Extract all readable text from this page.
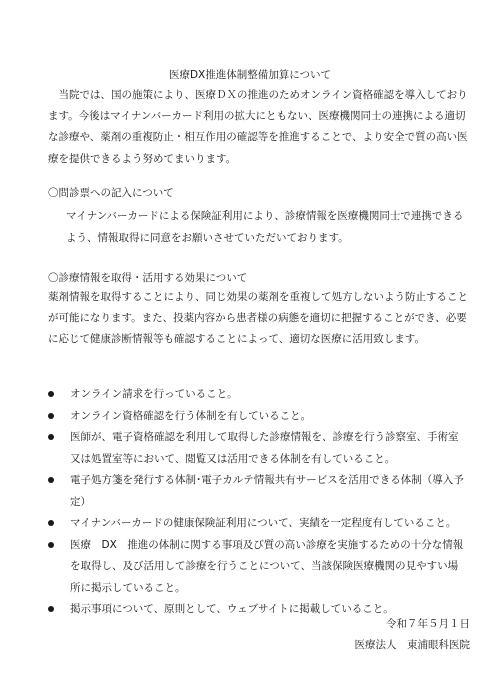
医療DX推進体制整備加算について

　当院では、国の施策により、医療ＤＸの推進のためオンライン資格確認を導入しております。今後はマイナンバーカード利用の拡大にともない、医療機関同士の連携による適切な診療や、薬剤の重複防止・相互作用の確認等を推進することで、より安全で質の高い医療を提供できるよう努めてまいります。

〇問診票への記入について
マイナンバーカードによる保険証利用により、診療情報を医療機関同士で連携できるよう、情報取得に同意をお願いさせていただいております。
〇診療情報を取得・活用する効果について

薬剤情報を取得することにより、同じ効果の薬剤を重複して処方しないよう防止することが可能になります。また、投薬内容から患者様の病態を適切に把握することができ、必要に応じて健康診断情報等も確認することによって、適切な医療に活用致します。

オンライン請求を行っていること。
オンライン資格確認を行う体制を有していること。
医師が、電子資格確認を利用して取得した診療情報を、診療を行う診察室、手術室又は処置室等において、閲覧又は活用できる体制を有していること。
電子処方箋を発行する体制･電子カルテ情報共有サービスを活用できる体制（導入予定）
マイナンバーカードの健康保険証利用について、実績を一定程度有していること。
医療　DX　推進の体制に関する事項及び質の高い診療を実施するための十分な情報を取得し、及び活用して診療を行うことについて、当該保険医療機関の見やすい場所に掲示していること。
掲示事項について、原則として、ウェブサイトに掲載していること。
令和７年５月１日
医療法人　東浦眼科医院
